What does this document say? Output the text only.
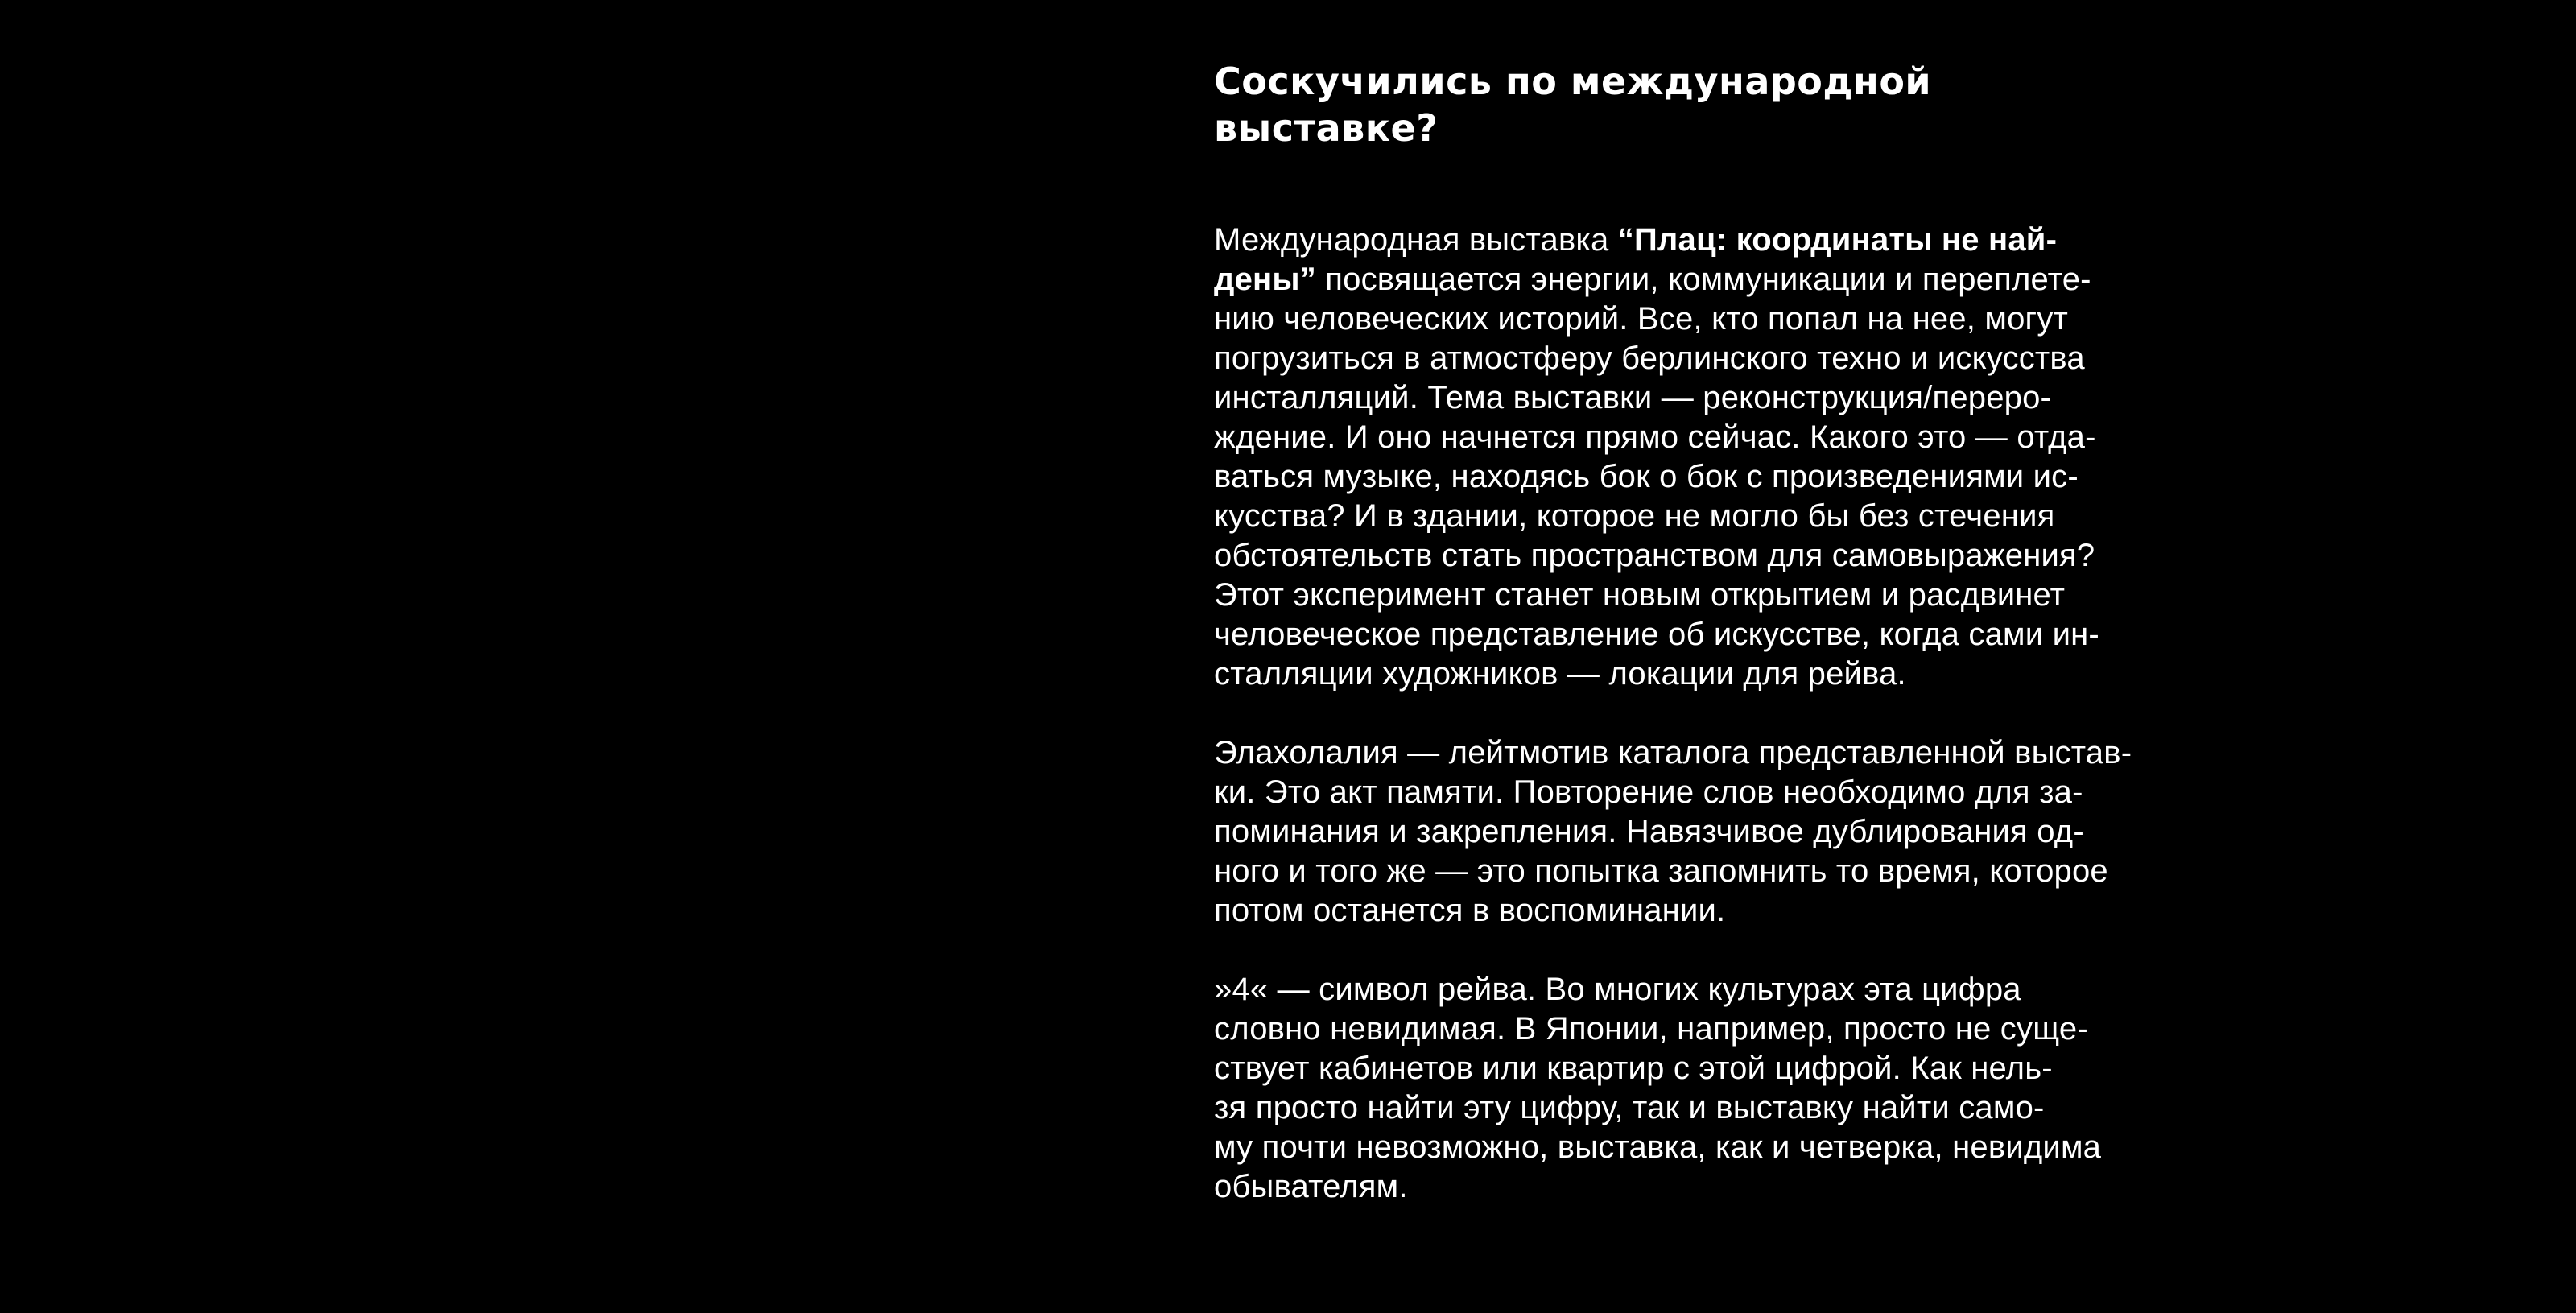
Соскучились по международной
выставке?

Международная выставка “Плац: координаты не най-
дены” посвящается энергии, коммуникации и переплете-
нию человеческих историй. Все, кто попал на нее, могут
погрузиться в атмостферу берлинского техно и искусства
инсталляций. Тема выставки — реконструкция/переро-
ждение. И оно начнется прямо сейчас. Какого это — отда-
ваться музыке, находясь бок о бок с произведениями ис-
кусства? И в здании, которое не могло бы без стечения
обстоятельств стать пространством для самовыражения?
Этот эксперимент станет новым открытием и расдвинет
человеческое представление об искусстве, когда сами ин-
сталляции художников — локации для рейва.

Элахолалия — лейтмотив каталога представленной выстав-
ки. Это акт памяти. Повторение слов необходимо для за-
поминания и закрепления. Навязчивое дублирования од-
ного и того же — это попытка запомнить то время, которое
потом останется в воспоминании.

»4« — символ рейва. Во многих культурах эта цифра
словно невидимая. В Японии, например, просто не суще-
ствует кабинетов или квартир с этой цифрой. Как нель-
зя просто найти эту цифру, так и выставку найти само-
му почти невозможно, выставка, как и четверка, невидима
обывателям.
